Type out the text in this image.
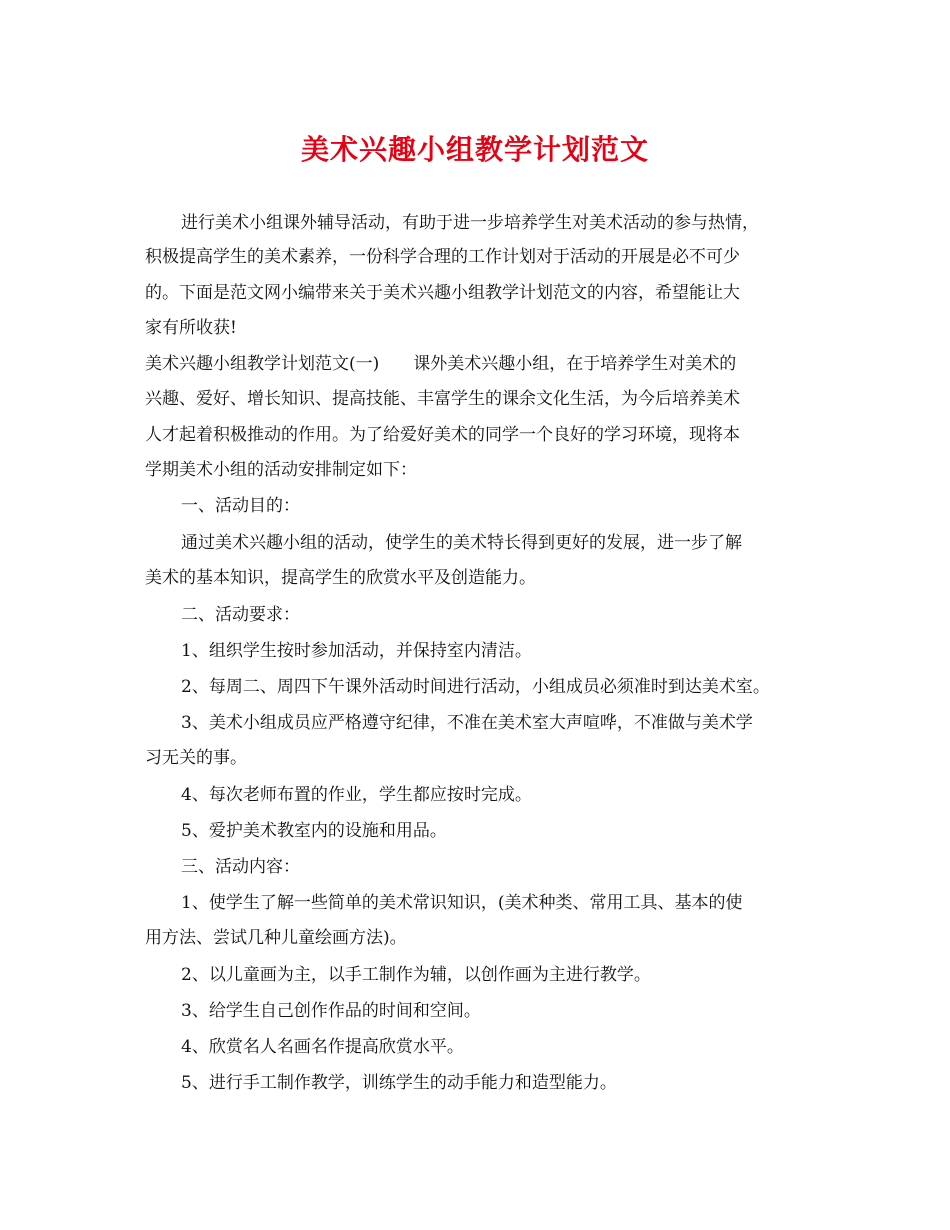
美术兴趣小组教学计划范文
进行美术小组课外辅导活动，有助于进一步培养学生对美术活动的参与热情，
积极提高学生的美术素养，一份科学合理的工作计划对于活动的开展是必不可少
的。下面是范文网小编带来关于美术兴趣小组教学计划范文的内容，希望能让大
家有所收获!
美术兴趣小组教学计划范文(一)　　课外美术兴趣小组，在于培养学生对美术的
兴趣、爱好、增长知识、提高技能、丰富学生的课余文化生活，为今后培养美术
人才起着积极推动的作用。为了给爱好美术的同学一个良好的学习环境，现将本
学期美术小组的活动安排制定如下：
一、活动目的：
通过美术兴趣小组的活动，使学生的美术特长得到更好的发展，进一步了解
美术的基本知识，提高学生的欣赏水平及创造能力。
二、活动要求：
1、组织学生按时参加活动，并保持室内清洁。
2、每周二、周四下午课外活动时间进行活动，小组成员必须准时到达美术室。
3、美术小组成员应严格遵守纪律，不准在美术室大声喧哗，不准做与美术学
习无关的事。
4、每次老师布置的作业，学生都应按时完成。
5、爱护美术教室内的设施和用品。
三、活动内容：
1、使学生了解一些简单的美术常识知识，(美术种类、常用工具、基本的使
用方法、尝试几种儿童绘画方法)。
2、以儿童画为主，以手工制作为辅，以创作画为主进行教学。
3、给学生自己创作作品的时间和空间。
4、欣赏名人名画名作提高欣赏水平。
5、进行手工制作教学，训练学生的动手能力和造型能力。
